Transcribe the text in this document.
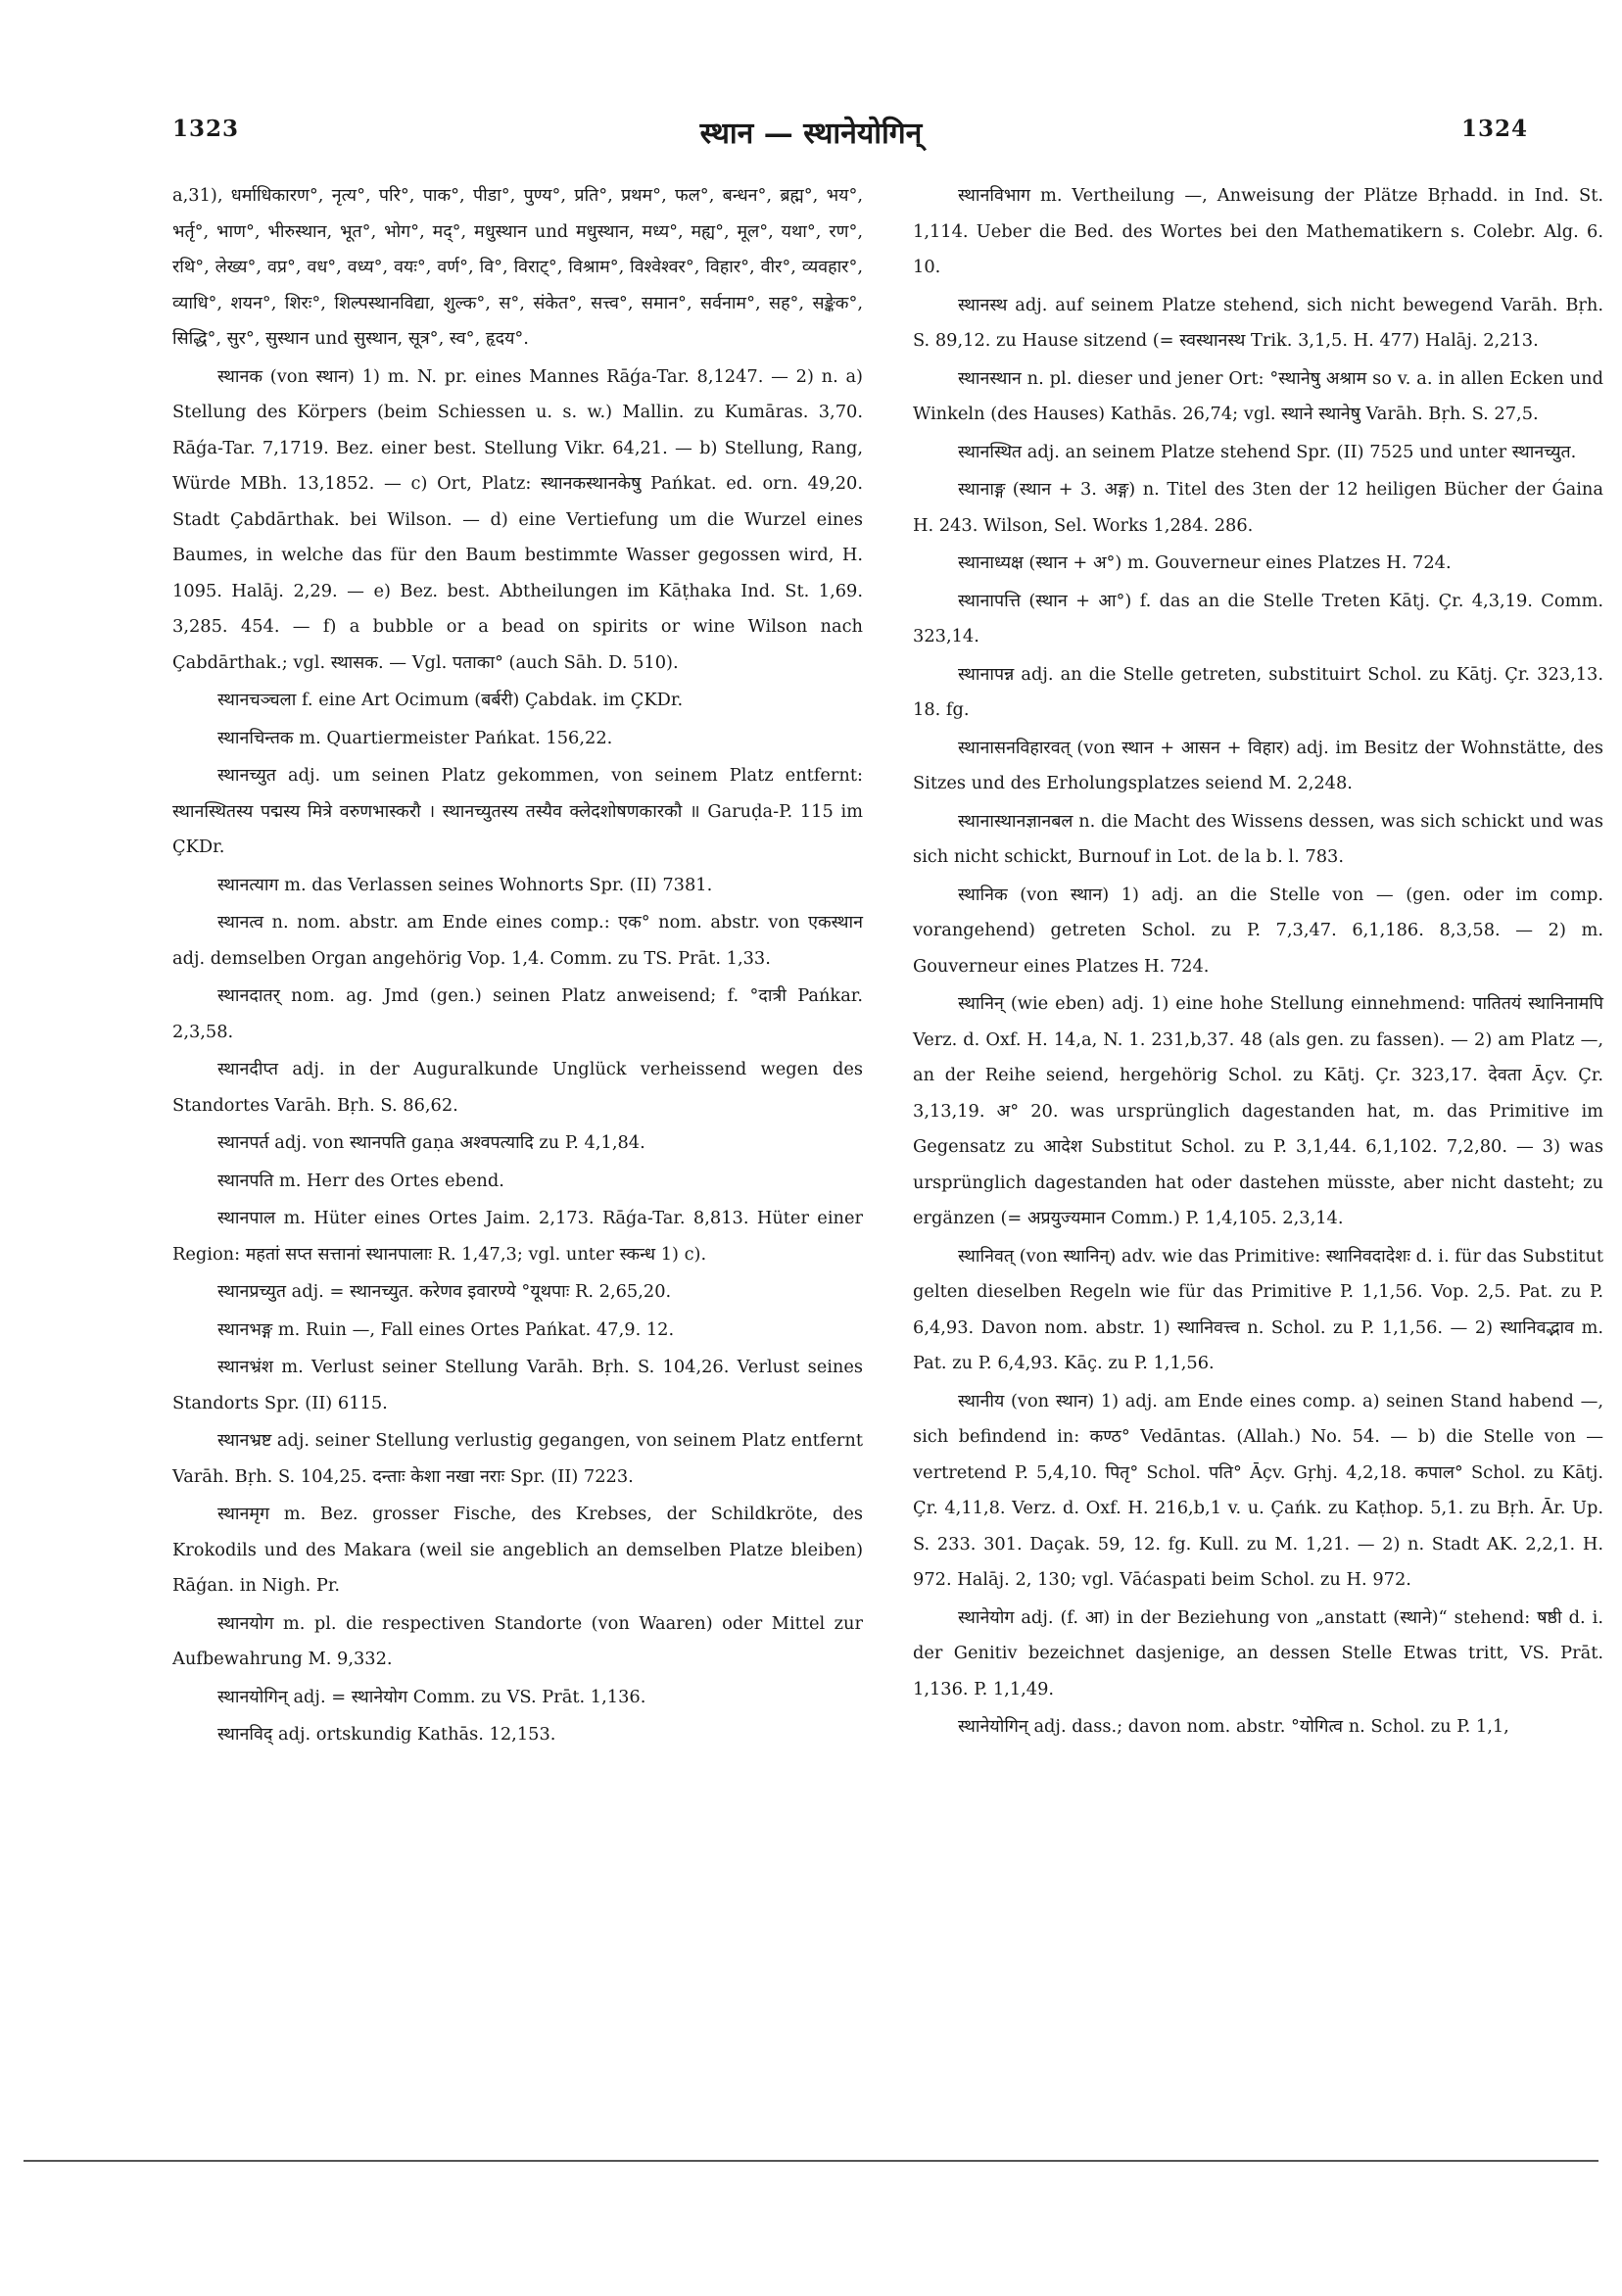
1323	स्थान — स्थानेयोगिन्	1324

a,31), धर्माधिकारण°, नृत्य°, परि°, पाक°, पीडा°, पुण्य°, प्रति°, प्रथम°, फल°, बन्धन°, ब्रह्म°, भय°, भर्तृ°, भाण°, भीरुस्थान, भूत°, भोग°, मद्°, मधुस्थान und मधुस्थान, मध्य°, मह्य°, मूल°, यथा°, रण°, रथि°, लेख्य°, वप्र°, वध°, वध्य°, वयः°, वर्ण°, वि°, विराट्°, विश्राम°, विश्वेश्वर°, विहार°, वीर°, व्यवहार°, व्याधि°, शयन°, शिरः°, शिल्पस्थानविद्या, शुल्क°, स°, संकेत°, सत्त्व°, समान°, सर्वनाम°, सह°, सङ्केक°, सिद्धि°, सुर°, सुस्थान und सुस्थान, सूत्र°, स्व°, हृदय°.

स्थानक (von स्थान) 1) m. N. pr. eines Mannes Rāǵa-Tar. 8,1247. — 2) n. a) Stellung des Körpers (beim Schiessen u. s. w.) Mallin. zu Kumāras. 3,70. Rāǵa-Tar. 7,1719. Bez. einer best. Stellung Vikr. 64,21. — b) Stellung, Rang, Würde MBh. 13,1852. — c) Ort, Platz: स्थानकस्थानकेषु Pańkat. ed. orn. 49,20. Stadt Çabdārthak. bei Wilson. — d) eine Vertiefung um die Wurzel eines Baumes, in welche das für den Baum bestimmte Wasser gegossen wird, H. 1095. Halāj. 2,29. — e) Bez. best. Abtheilungen im Kāṭhaka Ind. St. 1,69. 3,285. 454. — f) a bubble or a bead on spirits or wine Wilson nach Çabdārthak.; vgl. स्थासक. — Vgl. पताका° (auch Sāh. D. 510).

स्थानचञ्चला f. eine Art Ocimum (बर्बरी) Çabdak. im ÇKDr.

स्थानचिन्तक m. Quartiermeister Pańkat. 156,22.

स्थानच्युत adj. um seinen Platz gekommen, von seinem Platz entfernt: स्थानस्थितस्य पद्मस्य मित्रे वरुणभास्करौ । स्थानच्युतस्य तस्यैव क्लेदशोषणकारकौ ॥ Garuḍa-P. 115 im ÇKDr.

स्थानत्याग m. das Verlassen seines Wohnorts Spr. (II) 7381.

स्थानत्व n. nom. abstr. am Ende eines comp.: एक° nom. abstr. von एकस्थान adj. demselben Organ angehörig Vop. 1,4. Comm. zu TS. Prāt. 1,33.

स्थानदातर् nom. ag. Jmd (gen.) seinen Platz anweisend; f. °दात्री Pańkar. 2,3,58.

स्थानदीप्त adj. in der Auguralkunde Unglück verheissend wegen des Standortes Varāh. Bṛh. S. 86,62.

स्थानपर्त adj. von स्थानपति gaṇa अश्वपत्यादि zu P. 4,1,84.

स्थानपति m. Herr des Ortes ebend.

स्थानपाल m. Hüter eines Ortes Jaim. 2,173. Rāǵa-Tar. 8,813. Hüter einer Region: महतां सप्त सत्तानां स्थानपालाः R. 1,47,3; vgl. unter स्कन्ध 1) c).

स्थानप्रच्युत adj. = स्थानच्युत. करेणव इवारण्ये °यूथपाः R. 2,65,20.

स्थानभङ्ग m. Ruin —, Fall eines Ortes Pańkat. 47,9. 12.

स्थानभ्रंश m. Verlust seiner Stellung Varāh. Bṛh. S. 104,26. Verlust seines Standorts Spr. (II) 6115.

स्थानभ्रष्ट adj. seiner Stellung verlustig gegangen, von seinem Platz entfernt Varāh. Bṛh. S. 104,25. दन्ताः केशा नखा नराः Spr. (II) 7223.

स्थानमृग m. Bez. grosser Fische, des Krebses, der Schildkröte, des Krokodils und des Makara (weil sie angeblich an demselben Platze bleiben) Rāǵan. in Nigh. Pr.

स्थानयोग m. pl. die respectiven Standorte (von Waaren) oder Mittel zur Aufbewahrung M. 9,332.

स्थानयोगिन् adj. = स्थानेयोग Comm. zu VS. Prāt. 1,136.

स्थानविद् adj. ortskundig Kathās. 12,153.

स्थानविभाग m. Vertheilung —, Anweisung der Plätze Bṛhadd. in Ind. St. 1,114. Ueber die Bed. des Wortes bei den Mathematikern s. Colebr. Alg. 6. 10.

स्थानस्थ adj. auf seinem Platze stehend, sich nicht bewegend Varāh. Bṛh. S. 89,12. zu Hause sitzend (= स्वस्थानस्थ Trik. 3,1,5. H. 477) Halāj. 2,213.

स्थानस्थान n. pl. dieser und jener Ort: °स्थानेषु अश्राम so v. a. in allen Ecken und Winkeln (des Hauses) Kathās. 26,74; vgl. स्थाने स्थानेषु Varāh. Bṛh. S. 27,5.

स्थानस्थित adj. an seinem Platze stehend Spr. (II) 7525 und unter स्थानच्युत.

स्थानाङ्ग (स्थान + 3. अङ्ग) n. Titel des 3ten der 12 heiligen Bücher der Ǵaina H. 243. Wilson, Sel. Works 1,284. 286.

स्थानाध्यक्ष (स्थान + अ°) m. Gouverneur eines Platzes H. 724.

स्थानापत्ति (स्थान + आ°) f. das an die Stelle Treten Kātj. Çr. 4,3,19. Comm. 323,14.

स्थानापन्न adj. an die Stelle getreten, substituirt Schol. zu Kātj. Çr. 323,13. 18. fg.

स्थानासनविहारवत् (von स्थान + आसन + विहार) adj. im Besitz der Wohnstätte, des Sitzes und des Erholungsplatzes seiend M. 2,248.

स्थानास्थानज्ञानबल n. die Macht des Wissens dessen, was sich schickt und was sich nicht schickt, Burnouf in Lot. de la b. l. 783.

स्थानिक (von स्थान) 1) adj. an die Stelle von — (gen. oder im comp. vorangehend) getreten Schol. zu P. 7,3,47. 6,1,186. 8,3,58. — 2) m. Gouverneur eines Platzes H. 724.

स्थानिन् (wie eben) adj. 1) eine hohe Stellung einnehmend: पातितयं स्थानिनामपि Verz. d. Oxf. H. 14,a, N. 1. 231,b,37. 48 (als gen. zu fassen). — 2) am Platz —, an der Reihe seiend, hergehörig Schol. zu Kātj. Çr. 323,17. देवता Āçv. Çr. 3,13,19. अ° 20. was ursprünglich dagestanden hat, m. das Primitive im Gegensatz zu आदेश Substitut Schol. zu P. 3,1,44. 6,1,102. 7,2,80. — 3) was ursprünglich dagestanden hat oder dastehen müsste, aber nicht dasteht; zu ergänzen (= अप्रयुज्यमान Comm.) P. 1,4,105. 2,3,14.

स्थानिवत् (von स्थानिन्) adv. wie das Primitive: स्थानिवदादेशः d. i. für das Substitut gelten dieselben Regeln wie für das Primitive P. 1,1,56. Vop. 2,5. Pat. zu P. 6,4,93. Davon nom. abstr. 1) स्थानिवत्त्व n. Schol. zu P. 1,1,56. — 2) स्थानिवद्भाव m. Pat. zu P. 6,4,93. Kāç. zu P. 1,1,56.

स्थानीय (von स्थान) 1) adj. am Ende eines comp. a) seinen Stand habend —, sich befindend in: कण्ठ° Vedāntas. (Allah.) No. 54. — b) die Stelle von — vertretend P. 5,4,10. पितृ° Schol. पति° Āçv. Gṛhj. 4,2,18. कपाल° Schol. zu Kātj. Çr. 4,11,8. Verz. d. Oxf. H. 216,b,1 v. u. Çańk. zu Kaṭhop. 5,1. zu Bṛh. Ār. Up. S. 233. 301. Daçak. 59, 12. fg. Kull. zu M. 1,21. — 2) n. Stadt AK. 2,2,1. H. 972. Halāj. 2, 130; vgl. Vāćaspati beim Schol. zu H. 972.

स्थानेयोग adj. (f. आ) in der Beziehung von „anstatt (स्थाने)“ stehend: षष्ठी d. i. der Genitiv bezeichnet dasjenige, an dessen Stelle Etwas tritt, VS. Prāt. 1,136. P. 1,1,49.

स्थानेयोगिन् adj. dass.; davon nom. abstr. °योगित्व n. Schol. zu P. 1,1,
